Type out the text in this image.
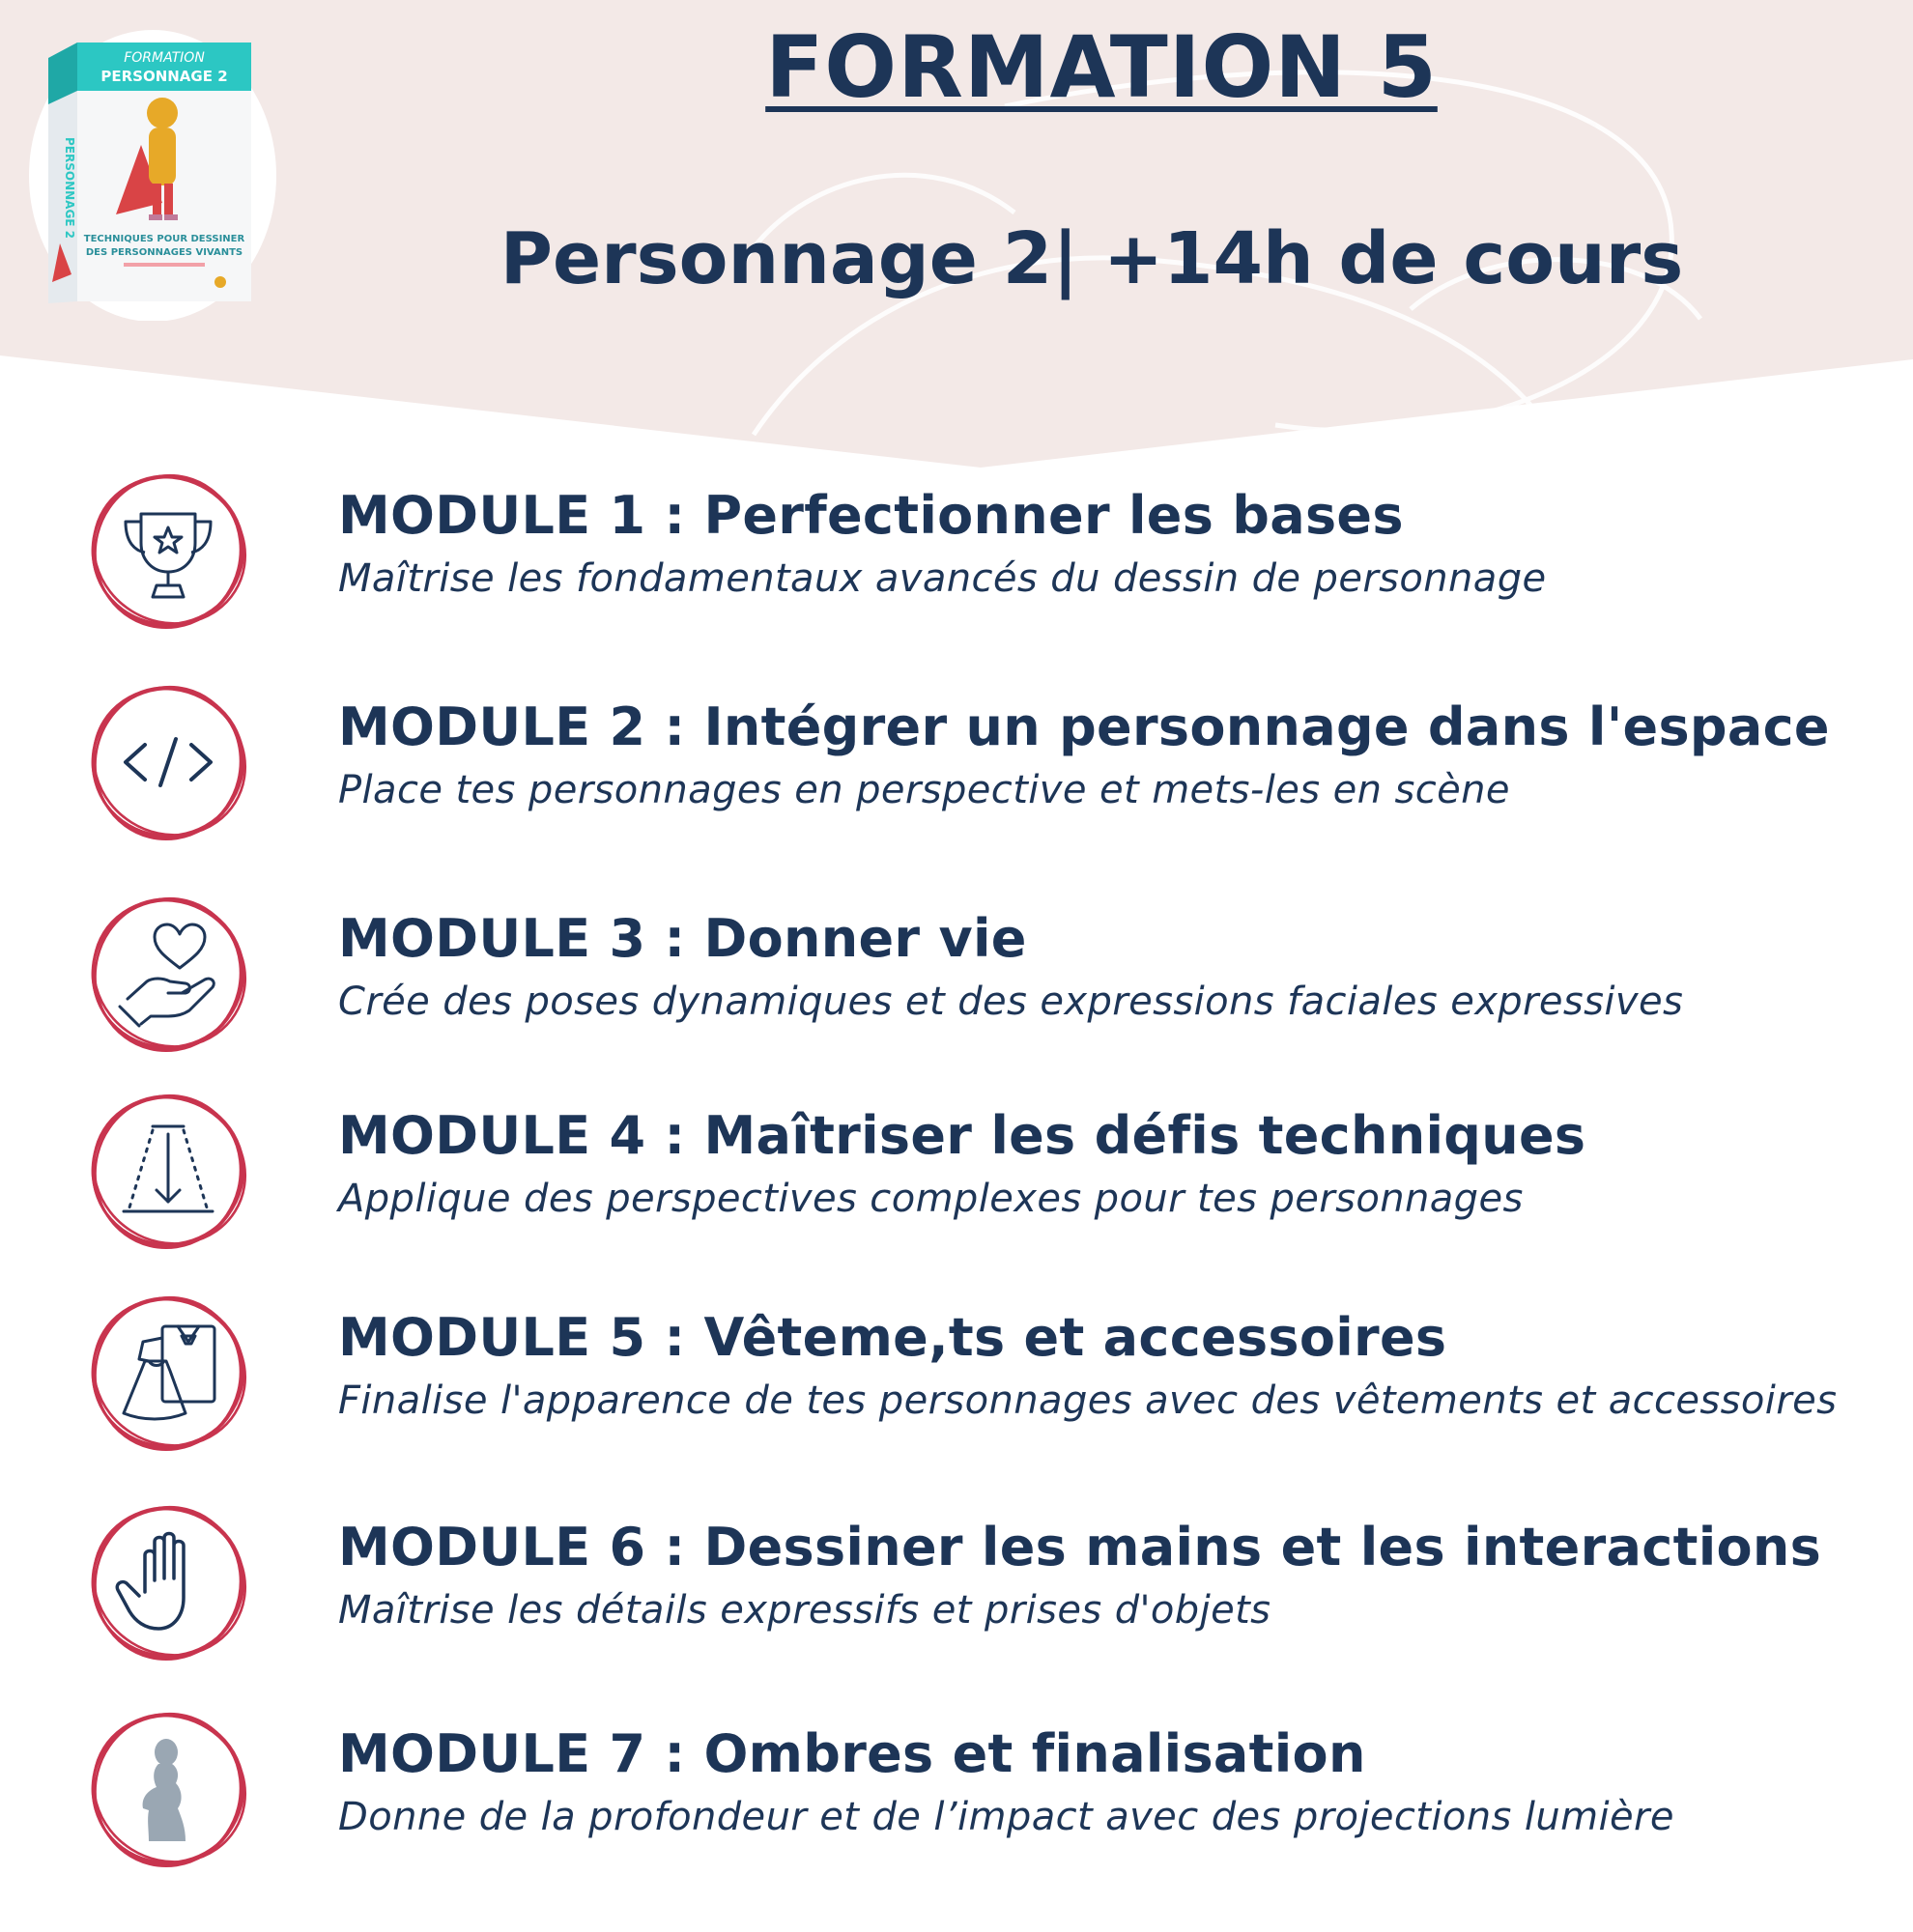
FORMATION
PERSONNAGE 2
PERSONNAGE 2
TECHNIQUES POUR DESSINER
DES PERSONNAGES VIVANTS
FORMATION 5
Personnage 2| +14h de cours
MODULE 1 : Perfectionner les bases
Maîtrise les fondamentaux avancés du dessin de personnage
MODULE 2 : Intégrer un personnage dans l'espace
Place tes personnages en perspective et mets-les en scène
MODULE 3 : Donner vie
Crée des poses dynamiques et des expressions faciales expressives
MODULE 4 : Maîtriser les défis techniques
Applique des perspectives complexes pour tes personnages
MODULE 5 : Vêteme,ts et accessoires
Finalise l'apparence de tes personnages avec des vêtements et accessoires
MODULE 6 : Dessiner les mains et les interactions
Maîtrise les détails expressifs et prises d'objets
MODULE 7 : Ombres et finalisation
Donne de la profondeur et de l’impact avec des projections lumière
